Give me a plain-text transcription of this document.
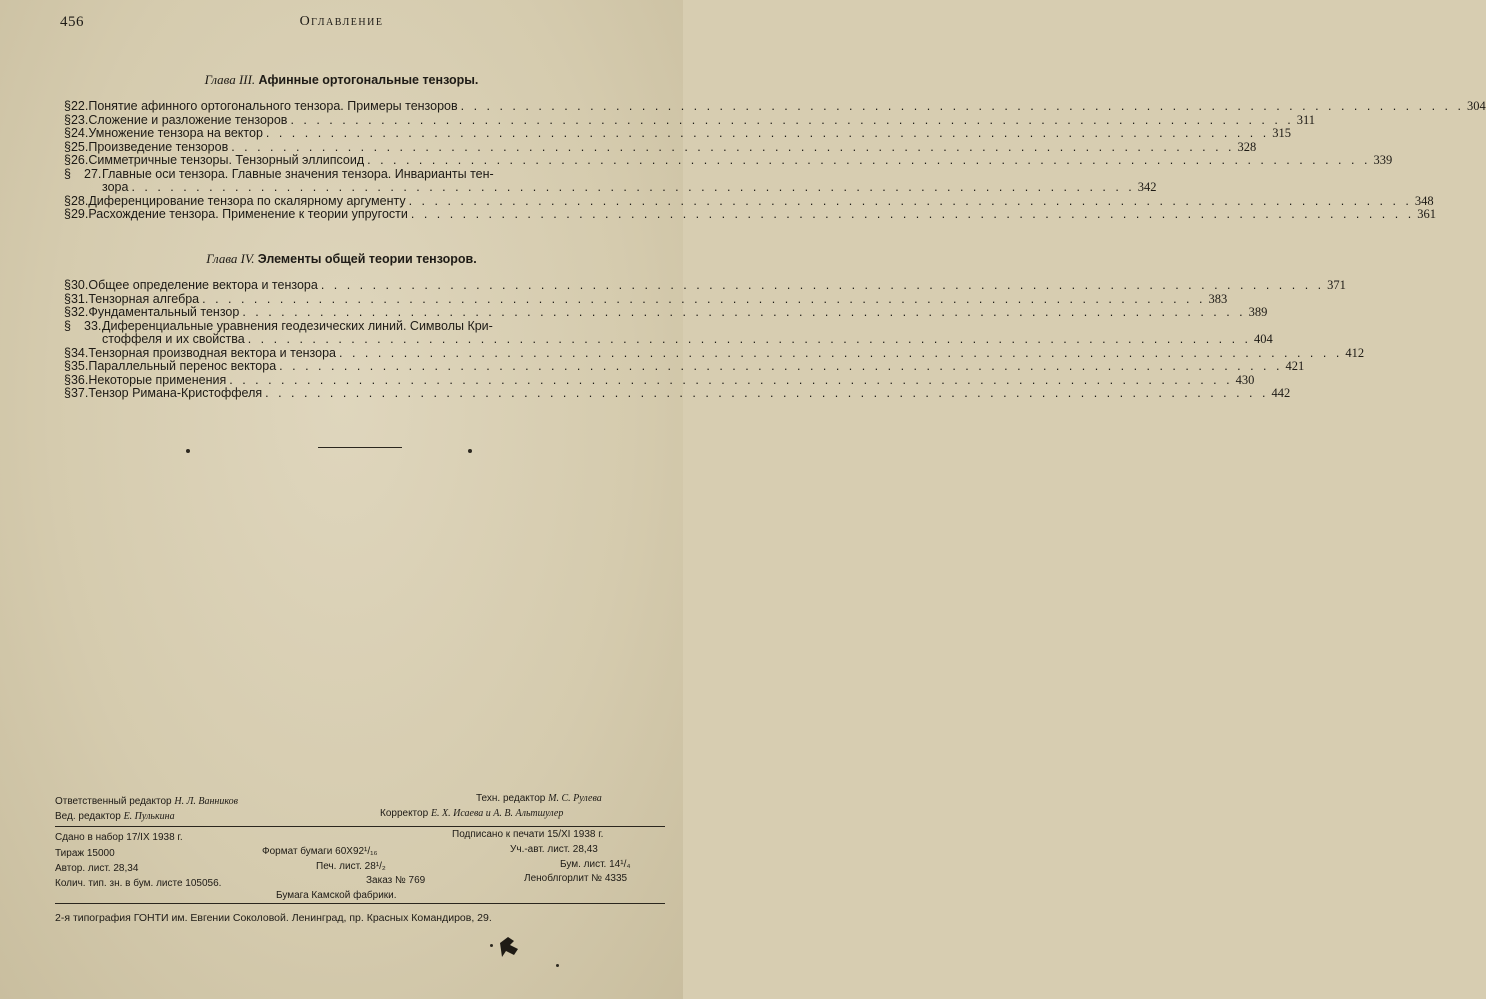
456	Оглавление
Глава III. Афинные ортогональные тензоры.
§ 22. Понятие афинного ортогонального тензора. Примеры тензоров . . .	304
§ 23. Сложение и разложение тензоров . . .	311
§ 24. Умножение тензора на вектор . . .	315
§ 25. Произведение тензоров . . .	328
§ 26. Симметричные тензоры. Тензорный эллипсоид . . .	339
§	27. Главные оси тензора. Главные значения тензора. Инварианты тен-
зора . . .	342
§ 28. Диференцирование тензора по скалярному аргументу . . .	348
§ 29. Расхождение тензора. Применение к теории упругости . . .	361
Глава IV. Элементы общей теории тензоров.
§ 30. Общее определение вектора и тензора . . .	371
§ 31. Тензорная алгебра . . .	383
§ 32. Фундаментальный тензор . . .	389
§	33. Диференциальные уравнения геодезических линий. Символы Кри-
стоффеля и их свойства . . .	404
§ 34. Тензорная производная вектора и тензора . . .	412
§ 35. Параллельный перенос вектора . . .	421
§ 36. Некоторые применения . . .	430
§ 37. Тензор Римана-Кристоффеля . . .	442
Ответственный редактор Н. Л. Ванников	Техн. редактор М. С. Рулева
Вед. редактор Е. Пулькина	Корректор Е. Х. Исаева и А. В. Альтшулер
Сдано в набор 17/IX 1938 г.	Подписано к печати 15/XI 1938 г.
Тираж 15000	Формат бумаги 60Х92¹/₁₆	Уч.-авт. лист. 28,43
Автор. лист. 28,34	Печ. лист. 28¹/₂	Бум. лист. 14¹/₄
Колич. тип. зн. в бум. листе 105056.	Заказ № 769	Леноблгорлит № 4335
Бумага Камской фабрики.
2-я типография ГОНТИ им. Евгении Соколовой. Ленинград, пр. Красных Командиров, 29.
